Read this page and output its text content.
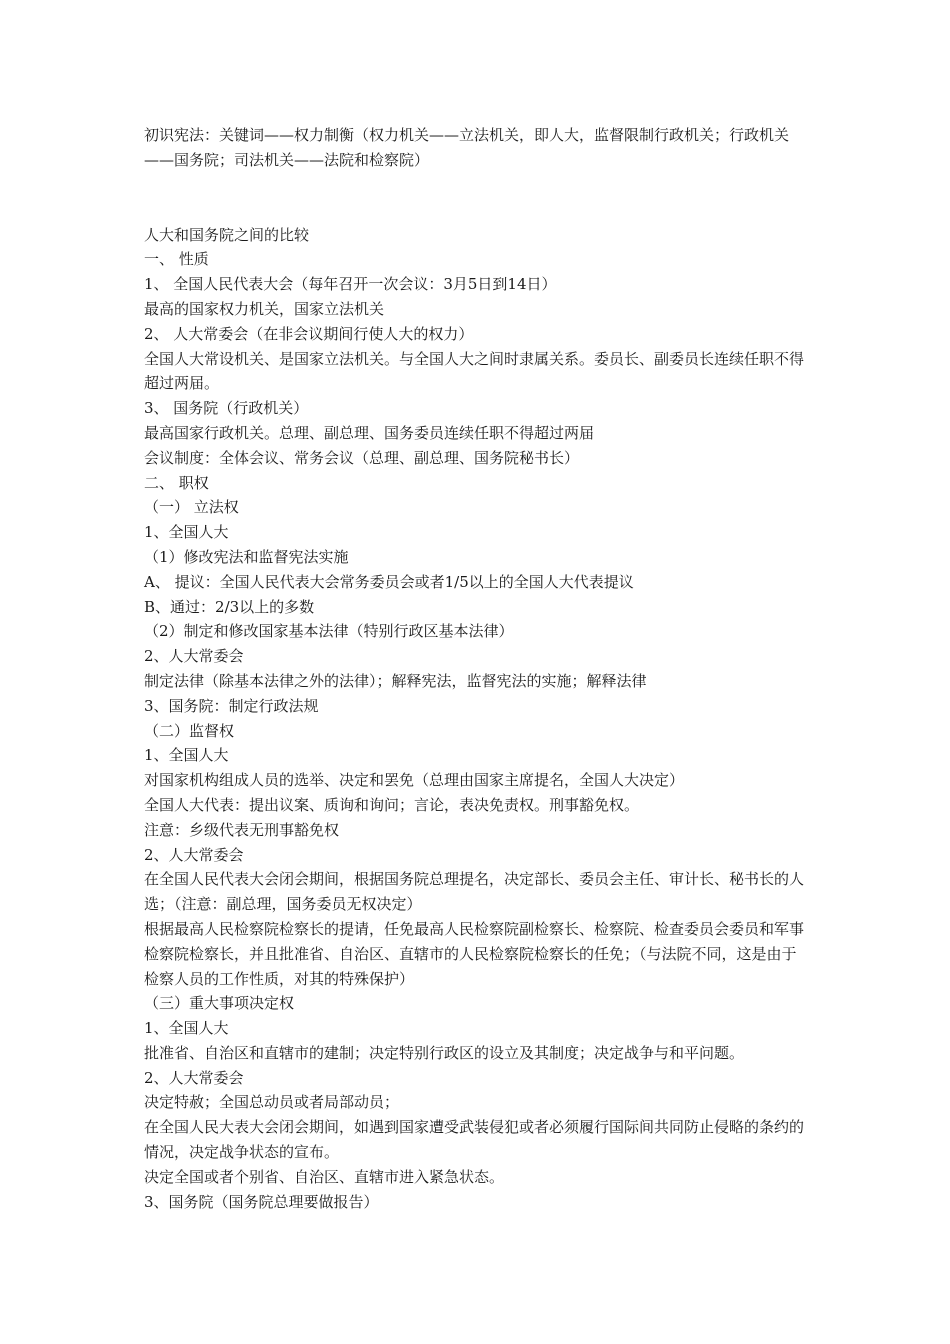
初识宪法：关键词——权力制衡（权力机关——立法机关，即人大，监督限制行政机关；行政机关——国务院；司法机关——法院和检察院）

人大和国务院之间的比较

一、 性质

1、 全国人民代表大会（每年召开一次会议：3月5日到14日）

最高的国家权力机关，国家立法机关

2、 人大常委会（在非会议期间行使人大的权力）

全国人大常设机关、是国家立法机关。与全国人大之间时隶属关系。委员长、副委员长连续任职不得超过两届。

3、 国务院（行政机关）

最高国家行政机关。总理、副总理、国务委员连续任职不得超过两届

会议制度：全体会议、常务会议（总理、副总理、国务院秘书长）

二、 职权

（一） 立法权

1、全国人大

（1）修改宪法和监督宪法实施

A、 提议：全国人民代表大会常务委员会或者1/5以上的全国人大代表提议

B、通过：2/3以上的多数

（2）制定和修改国家基本法律（特别行政区基本法律）

2、人大常委会

制定法律（除基本法律之外的法律）；解释宪法，监督宪法的实施；解释法律

3、国务院：制定行政法规

（二）监督权

1、全国人大

对国家机构组成人员的选举、决定和罢免（总理由国家主席提名，全国人大决定）

全国人大代表：提出议案、质询和询问；言论，表决免责权。刑事豁免权。

注意：乡级代表无刑事豁免权

2、人大常委会

在全国人民代表大会闭会期间，根据国务院总理提名，决定部长、委员会主任、审计长、秘书长的人选；（注意：副总理，国务委员无权决定）

根据最高人民检察院检察长的提请，任免最高人民检察院副检察长、检察院、检查委员会委员和军事检察院检察长，并且批准省、自治区、直辖市的人民检察院检察长的任免；（与法院不同，这是由于检察人员的工作性质，对其的特殊保护）

（三）重大事项决定权

1、全国人大

批准省、自治区和直辖市的建制；决定特别行政区的设立及其制度；决定战争与和平问题。

2、人大常委会

决定特赦；全国总动员或者局部动员；

在全国人民大表大会闭会期间，如遇到国家遭受武装侵犯或者必须履行国际间共同防止侵略的条约的情况，决定战争状态的宣布。

决定全国或者个别省、自治区、直辖市进入紧急状态。

3、国务院（国务院总理要做报告）
